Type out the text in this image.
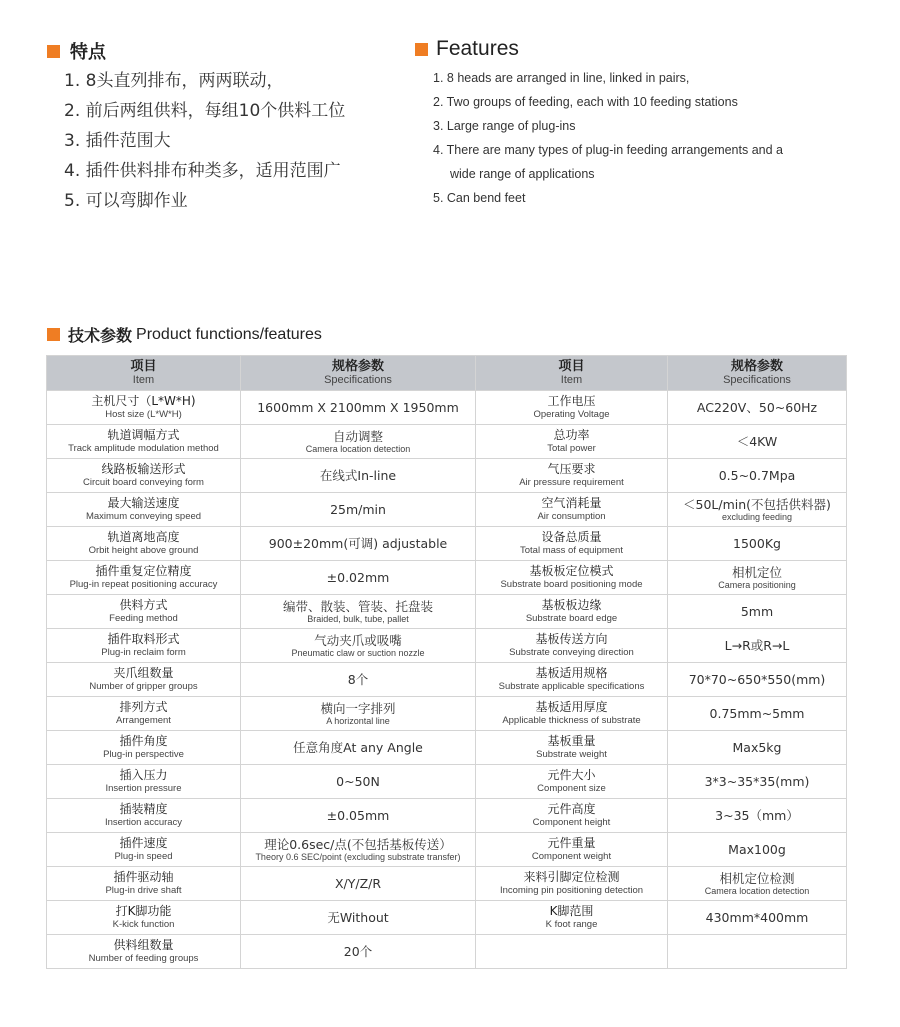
特点
1. 8头直列排布，两两联动，
2. 前后两组供料，每组10个供料工位
3. 插件范围大
4. 插件供料排布种类多，适用范围广
5. 可以弯脚作业
Features
1. 8 heads are arranged in line, linked in pairs,
2. Two groups of feeding, each with 10 feeding stations
3. Large range of plug-ins
4. There are many types of plug-in feeding arrangements and a
wide range of applications
5. Can bend feet
技术参数 Product functions/features
项目
Item	规格参数
Specifications	项目
Item	规格参数
Specifications

主机尺寸（L*W*H)
Host size (L*W*H)	1600mm X 2100mm X 1950mm	工作电压
Operating Voltage	AC220V、50~60Hz

轨道调幅方式
Track amplitude modulation method	自动调整
Camera location detection	总功率
Total power	＜4KW

线路板输送形式
Circuit board conveying form	在线式In-line	气压要求
Air pressure requirement	0.5~0.7Mpa

最大输送速度
Maximum conveying speed	25m/min	空气消耗量
Air consumption	＜50L/min(不包括供料器)
excluding feeding

轨道离地高度
Orbit height above ground	900±20mm(可调) adjustable	设备总质量
Total mass of equipment	1500Kg

插件重复定位精度
Plug-in repeat positioning accuracy	±0.02mm	基板板定位模式
Substrate board positioning mode	相机定位
Camera positioning

供料方式
Feeding method	编带、散装、管装、托盘装
Braided, bulk, tube, pallet	基板板边缘
Substrate board edge	5mm

插件取料形式
Plug-in reclaim form	气动夹爪或吸嘴
Pneumatic claw or suction nozzle	基板传送方向
Substrate conveying direction	L→R或R→L

夹爪组数量
Number of gripper groups	8个	基板适用规格
Substrate applicable specifications	70*70~650*550(mm)

排列方式
Arrangement	横向一字排列
A horizontal line	基板适用厚度
Applicable thickness of substrate	0.75mm~5mm

插件角度
Plug-in perspective	任意角度At any Angle	基板重量
Substrate weight	Max5kg

插入压力
Insertion pressure	0~50N	元件大小
Component size	3*3~35*35(mm)

插装精度
Insertion accuracy	±0.05mm	元件高度
Component height	3~35（mm）

插件速度
Plug-in speed	理论0.6sec/点(不包括基板传送）
Theory 0.6 SEC/point (excluding substrate transfer)	元件重量
Component weight	Max100g

插件驱动轴
Plug-in drive shaft	X/Y/Z/R	来料引脚定位检测
Incoming pin positioning detection	相机定位检测
Camera location detection

打K脚功能
K-kick function	无Without	K脚范围
K foot range	430mm*400mm

供料组数量
Number of feeding groups	20个		
